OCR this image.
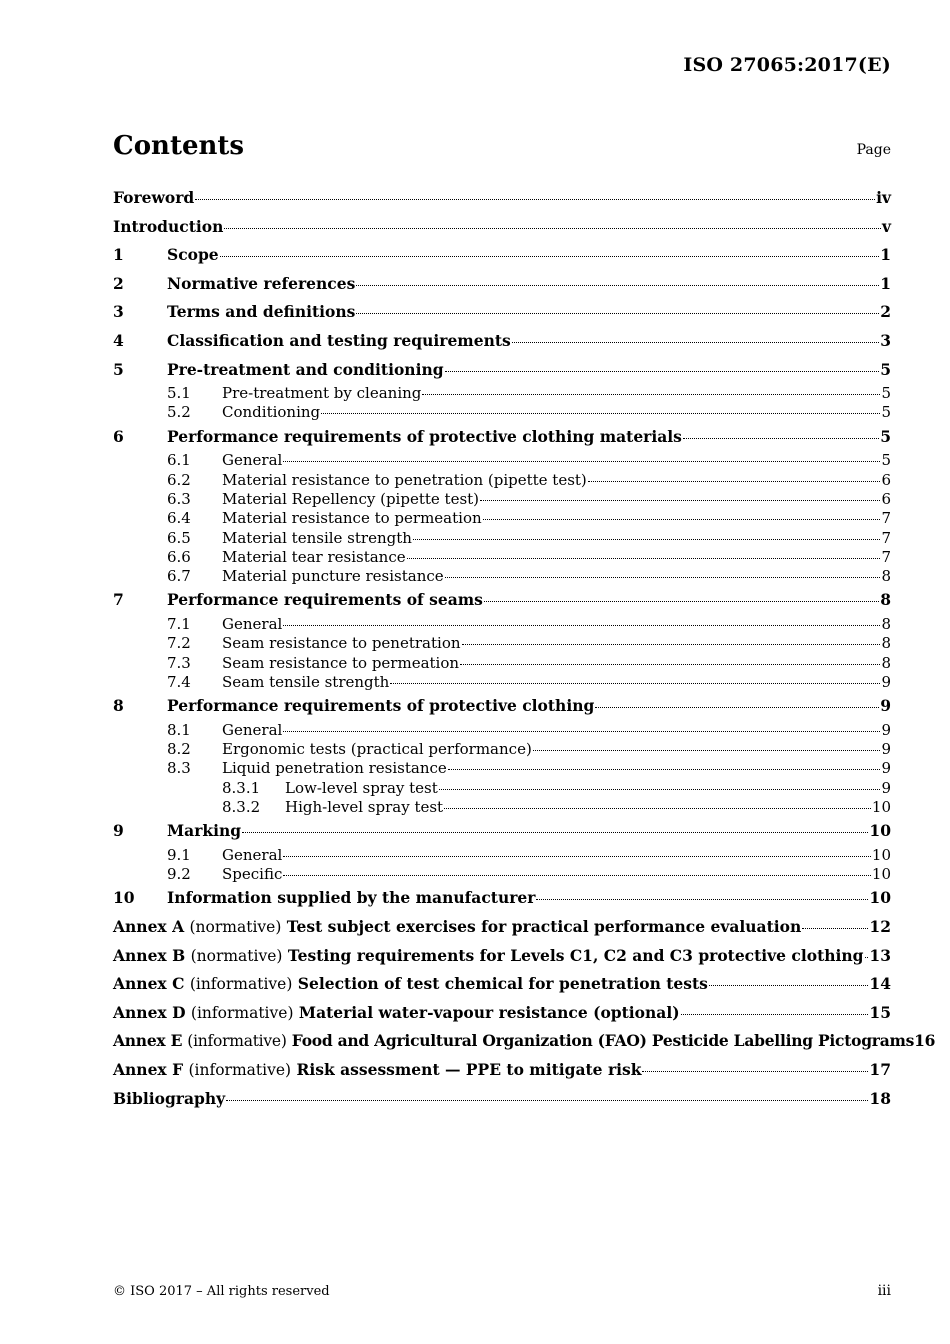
ISO 27065:2017(E)
Contents	Page
Foreword	iv
Introduction	v
1	Scope	1
2	Normative references	1
3	Terms and definitions	2
4	Classification and testing requirements	3
5	Pre-treatment and conditioning	5
5.1	Pre-treatment by cleaning	5
5.2	Conditioning	5
6	Performance requirements of protective clothing materials	5
6.1	General	5
6.2	Material resistance to penetration (pipette test)	6
6.3	Material Repellency (pipette test)	6
6.4	Material resistance to permeation	7
6.5	Material tensile strength	7
6.6	Material tear resistance	7
6.7	Material puncture resistance	8
7	Performance requirements of seams	8
7.1	General	8
7.2	Seam resistance to penetration	8
7.3	Seam resistance to permeation	8
7.4	Seam tensile strength	9
8	Performance requirements of protective clothing	9
8.1	General	9
8.2	Ergonomic tests (practical performance)	9
8.3	Liquid penetration resistance	9
8.3.1	Low-level spray test	9
8.3.2	High-level spray test	10
9	Marking	10
9.1	General	10
9.2	Specific	10
10	Information supplied by the manufacturer	10
Annex A (normative) Test subject exercises for practical performance evaluation	12
Annex B (normative) Testing requirements for Levels C1, C2 and C3 protective clothing 13
Annex C (informative) Selection of test chemical for penetration tests	14
Annex D (informative) Material water-vapour resistance (optional)	15
Annex E (informative) Food and Agricultural Organization (FAO) Pesticide Labelling Pictograms 16
Annex F (informative) Risk assessment — PPE to mitigate risk	17
Bibliography	18
© ISO 2017 – All rights reserved	iii
